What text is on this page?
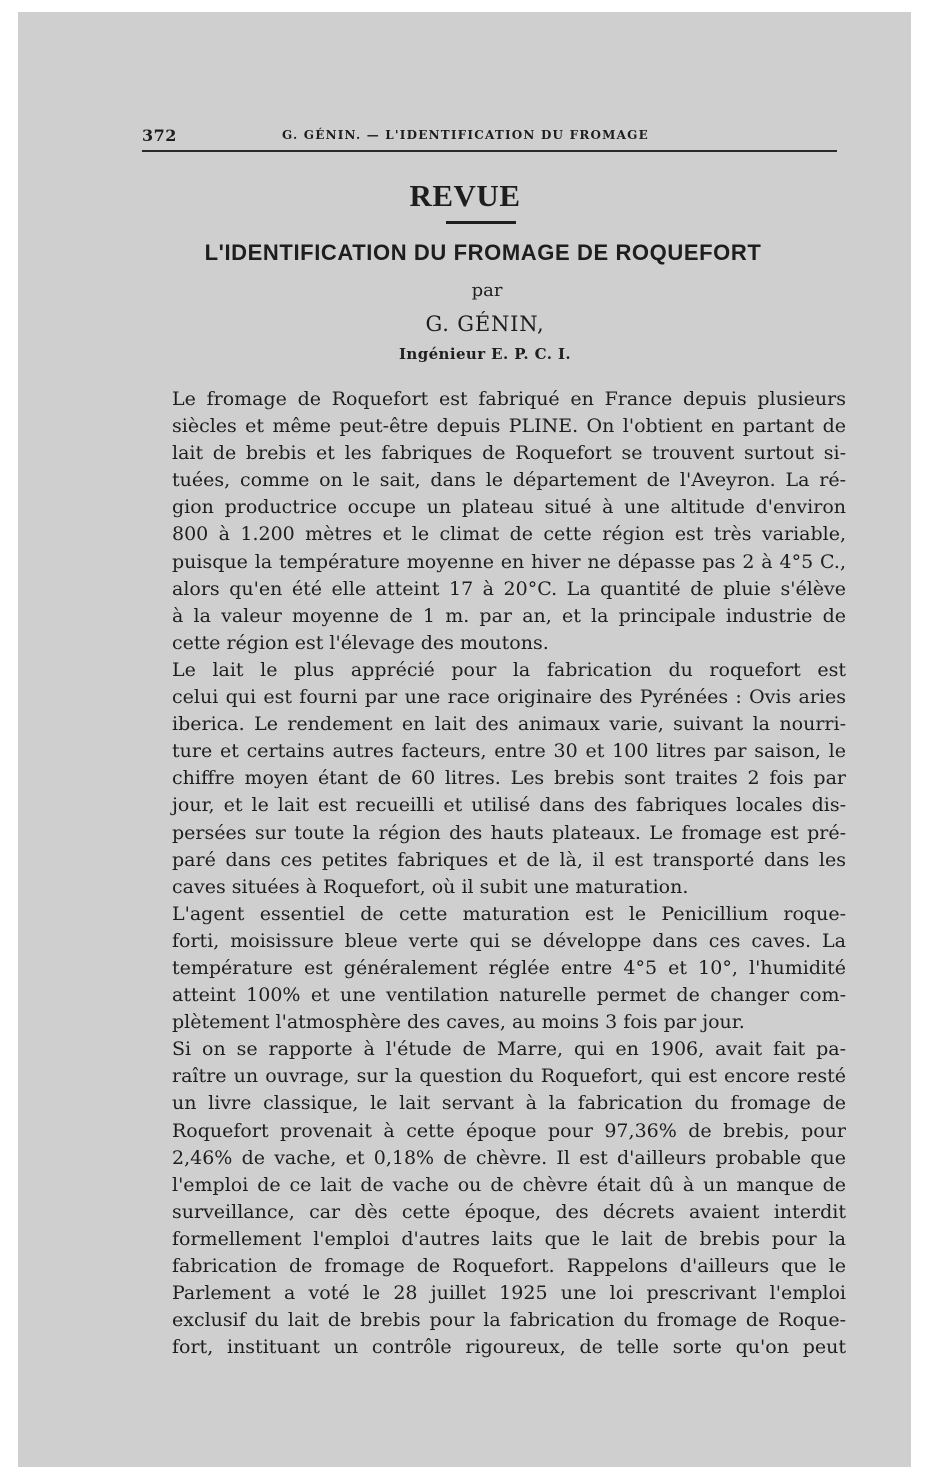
372	G. GÉNIN. — L'IDENTIFICATION DU FROMAGE
REVUE
L'IDENTIFICATION DU FROMAGE DE ROQUEFORT
par
G. GÉNIN,
Ingénieur E. P. C. I.

Le fromage de Roquefort est fabriqué en France depuis plusieurs
siècles et même peut-être depuis PLINE. On l'obtient en partant de
lait de brebis et les fabriques de Roquefort se trouvent surtout si-
tuées, comme on le sait, dans le département de l'Aveyron. La ré-
gion productrice occupe un plateau situé à une altitude d'environ
800 à 1.200 mètres et le climat de cette région est très variable,
puisque la température moyenne en hiver ne dépasse pas 2 à 4°5 C.,
alors qu'en été elle atteint 17 à 20°C. La quantité de pluie s'élève
à la valeur moyenne de 1 m. par an, et la principale industrie de
cette région est l'élevage des moutons.

Le lait le plus apprécié pour la fabrication du roquefort est
celui qui est fourni par une race originaire des Pyrénées : Ovis aries
iberica. Le rendement en lait des animaux varie, suivant la nourri-
ture et certains autres facteurs, entre 30 et 100 litres par saison, le
chiffre moyen étant de 60 litres. Les brebis sont traites 2 fois par
jour, et le lait est recueilli et utilisé dans des fabriques locales dis-
persées sur toute la région des hauts plateaux. Le fromage est pré-
paré dans ces petites fabriques et de là, il est transporté dans les
caves situées à Roquefort, où il subit une maturation.

L'agent essentiel de cette maturation est le Penicillium roque-
forti, moisissure bleue verte qui se développe dans ces caves. La
température est généralement réglée entre 4°5 et 10°, l'humidité
atteint 100% et une ventilation naturelle permet de changer com-
plètement l'atmosphère des caves, au moins 3 fois par jour.

Si on se rapporte à l'étude de Marre, qui en 1906, avait fait pa-
raître un ouvrage, sur la question du Roquefort, qui est encore resté
un livre classique, le lait servant à la fabrication du fromage de
Roquefort provenait à cette époque pour 97,36% de brebis, pour
2,46% de vache, et 0,18% de chèvre. Il est d'ailleurs probable que
l'emploi de ce lait de vache ou de chèvre était dû à un manque de
surveillance, car dès cette époque, des décrets avaient interdit
formellement l'emploi d'autres laits que le lait de brebis pour la
fabrication de fromage de Roquefort. Rappelons d'ailleurs que le
Parlement a voté le 28 juillet 1925 une loi prescrivant l'emploi
exclusif du lait de brebis pour la fabrication du fromage de Roque-
fort, instituant un contrôle rigoureux, de telle sorte qu'on peut
